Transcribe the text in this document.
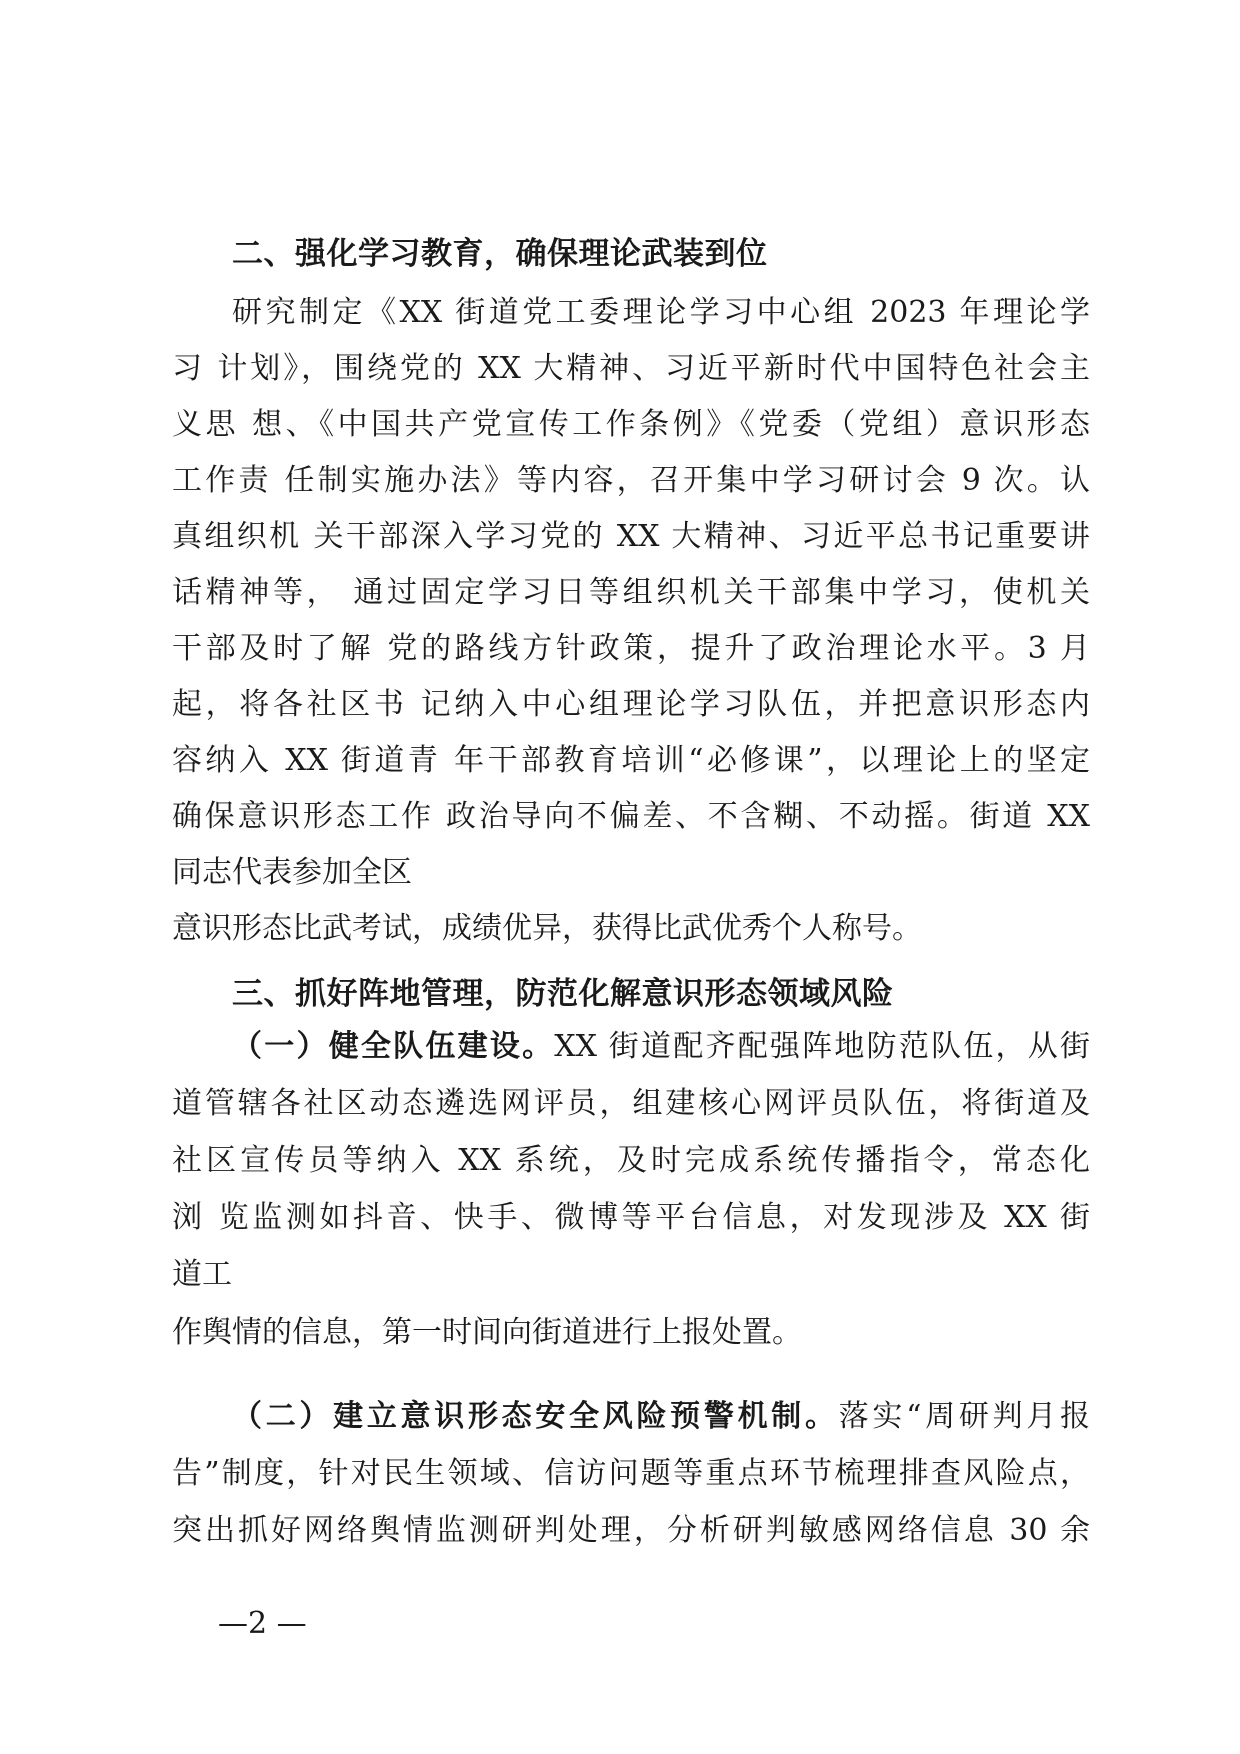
二、强化学习教育，确保理论武装到位

研究制定《XX 街道党工委理论学习中心组 2023 年理论学

习 计划》，围绕党的 XX 大精神、习近平新时代中国特色社会主

义思 想、《中国共产党宣传工作条例》《党委（党组）意识形态

工作责 任制实施办法》等内容，召开集中学习研讨会 9 次。认

真组织机 关干部深入学习党的 XX 大精神、习近平总书记重要讲

话精神等， 通过固定学习日等组织机关干部集中学习，使机关

干部及时了解 党的路线方针政策，提升了政治理论水平。3 月

起，将各社区书 记纳入中心组理论学习队伍，并把意识形态内

容纳入 XX 街道青 年干部教育培训“必修课”，以理论上的坚定

确保意识形态工作 政治导向不偏差、不含糊、不动摇。街道 XX

同志代表参加全区

意识形态比武考试，成绩优异，获得比武优秀个人称号。

三、抓好阵地管理，防范化解意识形态领域风险

（一）健全队伍建设。XX 街道配齐配强阵地防范队伍，从街

道管辖各社区动态遴选网评员，组建核心网评员队伍，将街道及

社区宣传员等纳入 XX 系统，及时完成系统传播指令，常态化

浏 览监测如抖音、快手、微博等平台信息，对发现涉及 XX 街

道工

作舆情的信息，第一时间向街道进行上报处置。

（二）建立意识形态安全风险预警机制。落实“周研判月报

告”制度，针对民生领域、信访问题等重点环节梳理排查风险点，

突出抓好网络舆情监测研判处理，分析研判敏感网络信息 30 余

—2 —
